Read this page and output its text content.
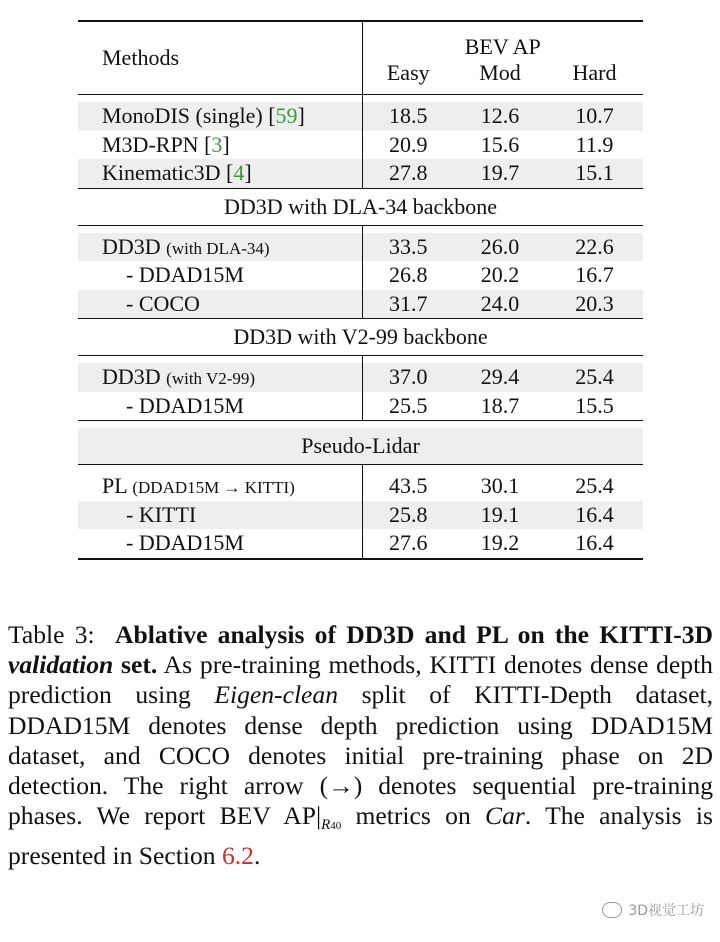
Methods	BEV AP		
	Easy	Mod	Hard

MonoDIS (single) [59]	18.5	12.6	10.7
M3D-RPN [3]	20.9	15.6	11.9
Kinematic3D [4]	27.8	19.7	15.1
DD3D with DLA-34 backbone			

DD3D (with DLA-34)	33.5	26.0	22.6
- DDAD15M	26.8	20.2	16.7
- COCO	31.7	24.0	20.3
DD3D with V2-99 backbone			

DD3D (with V2-99)	37.0	29.4	25.4
- DDAD15M	25.5	18.7	15.5

Pseudo-Lidar			

PL (DDAD15M → KITTI)	43.5	30.1	25.4
- KITTI	25.8	19.1	16.4
- DDAD15M	27.6	19.2	16.4
Table 3: Ablative analysis of DD3D and PL on the KITTI-3D validation set. As pre-training methods, KITTI denotes dense depth prediction using Eigen-clean split of KITTI-Depth dataset, DDAD15M denotes dense depth prediction using DDAD15M dataset, and COCO denotes initial pre-training phase on 2D detection. The right arrow (→) denotes sequential pre-training phases. We report BEV AP|R40 metrics on Car. The analysis is presented in Section 6.2.
3D视觉工坊
